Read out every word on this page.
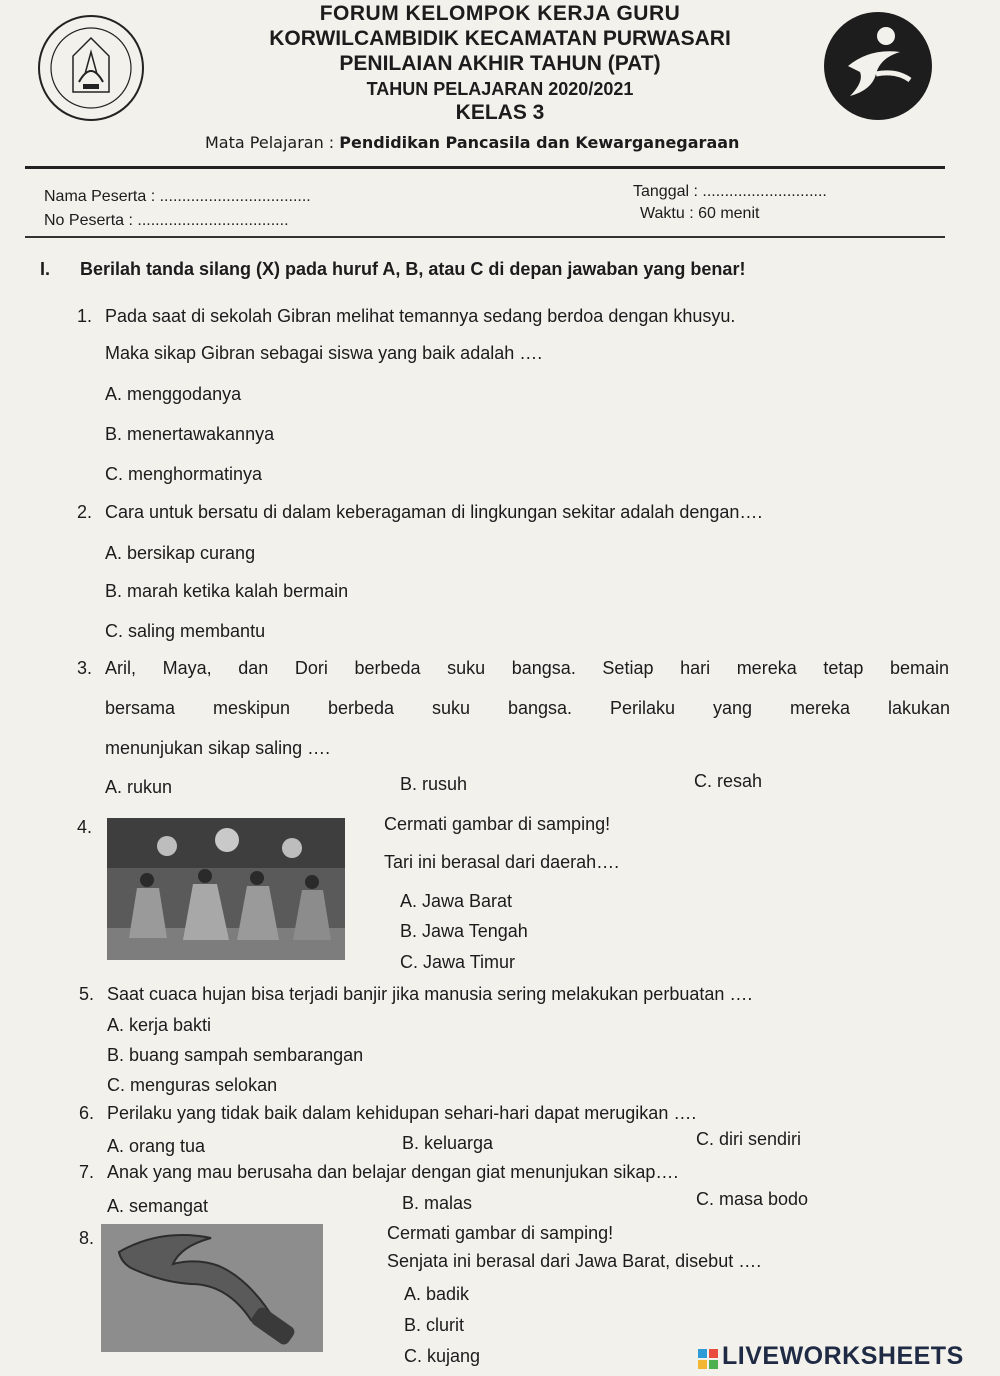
FORUM KELOMPOK KERJA GURU
KORWILCAMBIDIK KECAMATAN PURWASARI
PENILAIAN AKHIR TAHUN (PAT)
TAHUN PELAJARAN 2020/2021
KELAS 3
Mata Pelajaran : Pendidikan Pancasila dan Kewarganegaraan
Nama Peserta : ..................................
No Peserta : ..................................
Tanggal : ............................
Waktu : 60 menit
I. Berilah tanda silang (X) pada huruf A, B, atau C di depan jawaban yang benar!
1. Pada saat di sekolah Gibran melihat temannya sedang berdoa dengan khusyu.
Maka sikap Gibran sebagai siswa yang baik adalah ….
A. menggodanya
B. menertawakannya
C. menghormatinya
2. Cara untuk bersatu di dalam keberagaman di lingkungan sekitar adalah dengan….
A. bersikap curang
B. marah ketika kalah bermain
C. saling membantu
3. Aril, Maya, dan Dori berbeda suku bangsa. Setiap hari mereka tetap bemain
bersama meskipun berbeda suku bangsa. Perilaku yang mereka lakukan
menunjukan sikap saling ….
A. rukun	B. rusuh	C. resah
4.	Cermati gambar di samping!
Tari ini berasal dari daerah….
A. Jawa Barat
B. Jawa Tengah
C. Jawa Timur
5. Saat cuaca hujan bisa terjadi banjir jika manusia sering melakukan perbuatan ….
A. kerja bakti
B. buang sampah sembarangan
C. menguras selokan
6. Perilaku yang tidak baik dalam kehidupan sehari-hari dapat merugikan ….
A. orang tua	B. keluarga	C. diri sendiri
7. Anak yang mau berusaha dan belajar dengan giat menunjukan sikap….
A. semangat	B. malas	C. masa bodo
8.	Cermati gambar di samping!
Senjata ini berasal dari Jawa Barat, disebut ….
A. badik
B. clurit
C. kujang	LIVEWORKSHEETS
